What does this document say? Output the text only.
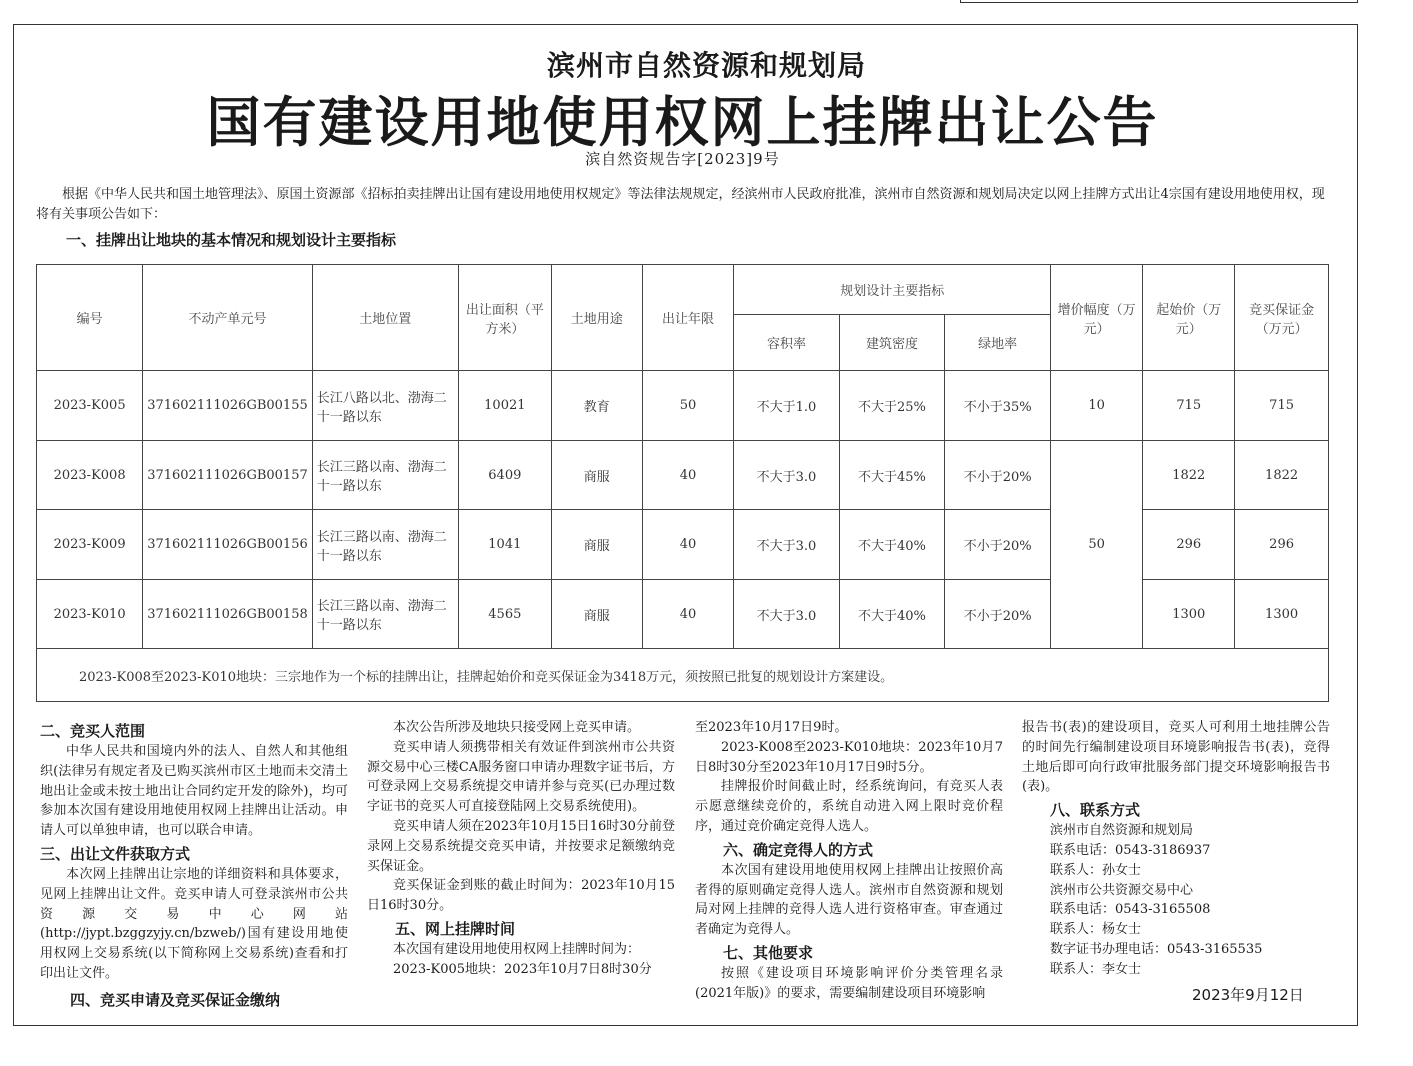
滨州市自然资源和规划局
国有建设用地使用权网上挂牌出让公告
滨自然资规告字[2023]9号
根据《中华人民共和国土地管理法》、原国土资源部《招标拍卖挂牌出让国有建设用地使用权规定》等法律法规规定，经滨州市人民政府批准，滨州市自然资源和规划局决定以网上挂牌方式出让4宗国有建设用地使用权，现将有关事项公告如下：
一、挂牌出让地块的基本情况和规划设计主要指标
编号	不动产单元号	土地位置	出让面积（平方米）	土地用途	出让年限	规划设计主要指标			增价幅度（万元）	起始价（万元）	竞买保证金（万元）
						容积率	建筑密度	绿地率			
2023-K005	371602111026GB00155	长江八路以北、渤海二十一路以东	10021	教育	50	不大于1.0	不大于25%	不小于35%	10	715	715
2023-K008	371602111026GB00157	长江三路以南、渤海二十一路以东	6409	商服	40	不大于3.0	不大于45%	不小于20%	50	1822	1822
2023-K009	371602111026GB00156	长江三路以南、渤海二十一路以东	1041	商服	40	不大于3.0	不大于40%	不小于20%		296	296
2023-K010	371602111026GB00158	长江三路以南、渤海二十一路以东	4565	商服	40	不大于3.0	不大于40%	不小于20%		1300	1300
2023-K008至2023-K010地块：三宗地作为一个标的挂牌出让，挂牌起始价和竞买保证金为3418万元，须按照已批复的规划设计方案建设。											
二、竞买人范围

中华人民共和国境内外的法人、自然人和其他组织(法律另有规定者及已购买滨州市区土地而未交清土地出让金或未按土地出让合同约定开发的除外)，均可参加本次国有建设用地使用权网上挂牌出让活动。申请人可以单独申请，也可以联合申请。

三、出让文件获取方式

本次网上挂牌出让宗地的详细资料和具体要求，见网上挂牌出让文件。竞买申请人可登录滨州市公共资源交易中心网站(http://jypt.bzggzyjy.cn/bzweb/)国有建设用地使用权网上交易系统(以下简称网上交易系统)查看和打印出让文件。

四、竞买申请及竞买保证金缴纳

本次公告所涉及地块只接受网上竞买申请。

竞买申请人须携带相关有效证件到滨州市公共资源交易中心三楼CA服务窗口申请办理数字证书后，方可登录网上交易系统提交申请并参与竞买(已办理过数字证书的竞买人可直接登陆网上交易系统使用)。

竞买申请人须在2023年10月15日16时30分前登录网上交易系统提交竞买申请，并按要求足额缴纳竞买保证金。

竞买保证金到账的截止时间为：2023年10月15日16时30分。

五、网上挂牌时间

本次国有建设用地使用权网上挂牌时间为：

2023-K005地块：2023年10月7日8时30分

至2023年10月17日9时。

2023-K008至2023-K010地块：2023年10月7日8时30分至2023年10月17日9时5分。

挂牌报价时间截止时，经系统询问，有竞买人表示愿意继续竞价的，系统自动进入网上限时竞价程序，通过竞价确定竞得人选人。

六、确定竞得人的方式

本次国有建设用地使用权网上挂牌出让按照价高者得的原则确定竞得人选人。滨州市自然资源和规划局对网上挂牌的竞得人选人进行资格审查。审查通过者确定为竞得人。

七、其他要求

按照《建设项目环境影响评价分类管理名录(2021年版)》的要求，需要编制建设项目环境影响

报告书(表)的建设项目，竞买人可利用土地挂牌公告的时间先行编制建设项目环境影响报告书(表)，竞得土地后即可向行政审批服务部门提交环境影响报告书(表)。

八、联系方式

滨州市自然资源和规划局

联系电话：0543-3186937

联系人：孙女士

滨州市公共资源交易中心

联系电话：0543-3165508

联系人：杨女士

数字证书办理电话：0543-3165535

联系人：李女士

2023年9月12日
